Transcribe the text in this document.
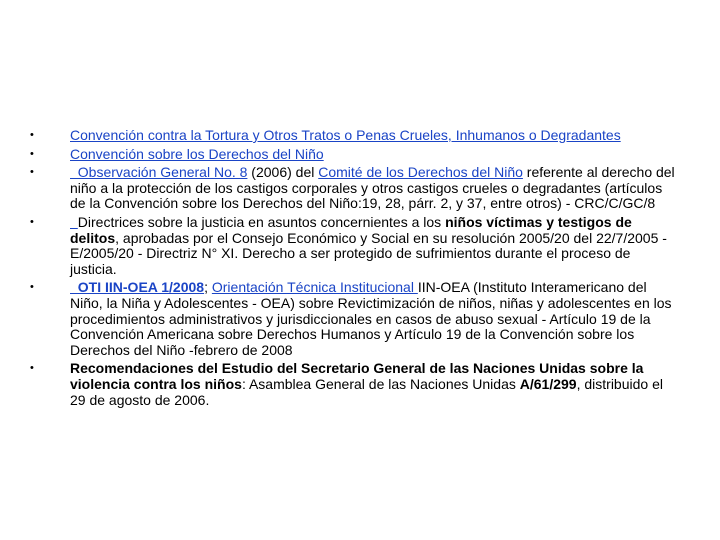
•	Convención contra la Tortura y Otros Tratos o Penas Crueles, Inhumanos o Degradantes
•	Convención sobre los Derechos del Niño
•	Observación General No. 8 (2006) del Comité de los Derechos del Niño referente al derecho del niño a la protección de los castigos corporales y otros castigos crueles o degradantes (artículos de la Convención sobre los Derechos del Niño:19, 28, párr. 2, y 37, entre otros) - CRC/C/GC/8
•	Directrices sobre la justicia en asuntos concernientes a los niños víctimas y testigos de delitos, aprobadas por el Consejo Económico y Social en su resolución 2005/20 del 22/7/2005 - E/2005/20 - Directriz N° XI. Derecho a ser protegido de sufrimientos durante el proceso de justicia.
•	OTI IIN-OEA 1/2008; Orientación Técnica Institucional IIN-OEA (Instituto Interamericano del Niño, la Niña y Adolescentes - OEA) sobre Revictimización de niños, niñas y adolescentes en los procedimientos administrativos y jurisdiccionales en casos de abuso sexual - Artículo 19 de la Convención Americana sobre Derechos Humanos y Artículo 19 de la Convención sobre los Derechos del Niño -febrero de 2008
•	Recomendaciones del Estudio del Secretario General de las Naciones Unidas sobre la violencia contra los niños: Asamblea General de las Naciones Unidas A/61/299, distribuido el 29 de agosto de 2006.
